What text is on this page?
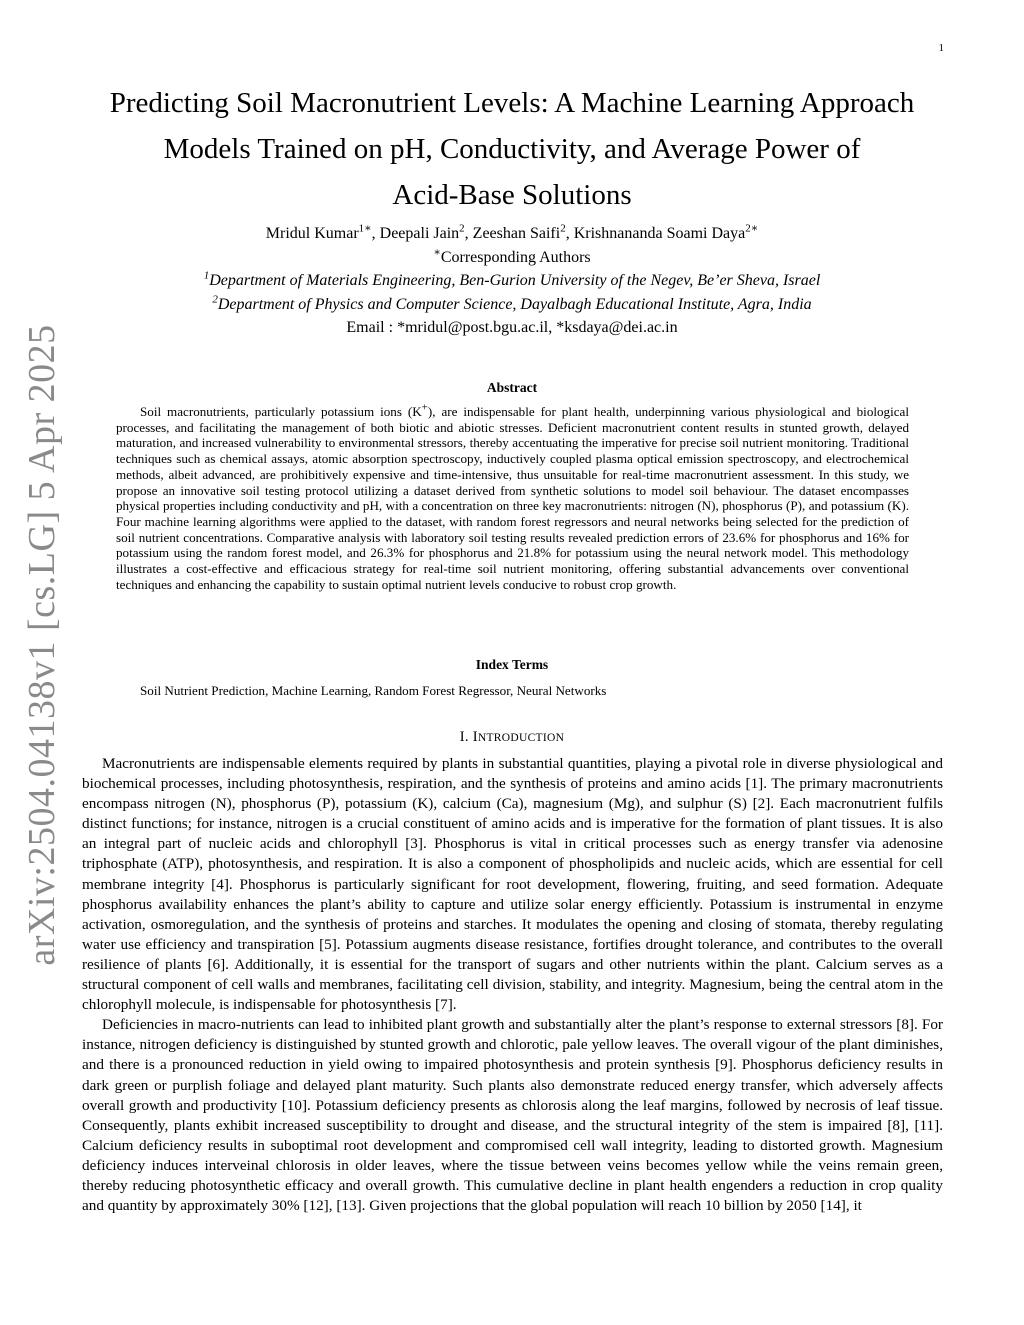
1
arXiv:2504.04138v1 [cs.LG] 5 Apr 2025
Predicting Soil Macronutrient Levels: A Machine Learning Approach
Models Trained on pH, Conductivity, and Average Power of
Acid-Base Solutions
Mridul Kumar$^{1∗}$, Deepali Jain$^2$, Zeeshan Saifi$^2$, Krishnananda Soami Daya$^{2∗}$
∗Corresponding Authors
$^1$Department of Materials Engineering, Ben-Gurion University of the Negev, Be’er Sheva, Israel
$^2$Department of Physics and Computer Science, Dayalbagh Educational Institute, Agra, India
Email : *mridul@post.bgu.ac.il, *ksdaya@dei.ac.in
Abstract

Soil macronutrients, particularly potassium ions (K+), are indispensable for plant health, underpinning various physiological and biological processes, and facilitating the management of both biotic and abiotic stresses. Deficient macronutrient content results in stunted growth, delayed maturation, and increased vulnerability to environmental stressors, thereby accentuating the imperative for precise soil nutrient monitoring. Traditional techniques such as chemical assays, atomic absorption spectroscopy, inductively coupled plasma optical emission spectroscopy, and electrochemical methods, albeit advanced, are prohibitively expensive and time-intensive, thus unsuitable for real-time macronutrient assessment. In this study, we propose an innovative soil testing protocol utilizing a dataset derived from synthetic solutions to model soil behaviour. The dataset encompasses physical properties including conductivity and pH, with a concentration on three key macronutrients: nitrogen (N), phosphorus (P), and potassium (K). Four machine learning algorithms were applied to the dataset, with random forest regressors and neural networks being selected for the prediction of soil nutrient concentrations. Comparative analysis with laboratory soil testing results revealed prediction errors of 23.6% for phosphorus and 16% for potassium using the random forest model, and 26.3% for phosphorus and 21.8% for potassium using the neural network model. This methodology illustrates a cost-effective and efficacious strategy for real-time soil nutrient monitoring, offering substantial advancements over conventional techniques and enhancing the capability to sustain optimal nutrient levels conducive to robust crop growth.

Index Terms

Soil Nutrient Prediction, Machine Learning, Random Forest Regressor, Neural Networks

I. INTRODUCTION

Macronutrients are indispensable elements required by plants in substantial quantities, playing a pivotal role in diverse physiological and biochemical processes, including photosynthesis, respiration, and the synthesis of proteins and amino acids [1]. The primary macronutrients encompass nitrogen (N), phosphorus (P), potassium (K), calcium (Ca), magnesium (Mg), and sulphur (S) [2]. Each macronutrient fulfils distinct functions; for instance, nitrogen is a crucial constituent of amino acids and is imperative for the formation of plant tissues. It is also an integral part of nucleic acids and chlorophyll [3]. Phosphorus is vital in critical processes such as energy transfer via adenosine triphosphate (ATP), photosynthesis, and respiration. It is also a component of phospholipids and nucleic acids, which are essential for cell membrane integrity [4]. Phosphorus is particularly significant for root development, flowering, fruiting, and seed formation. Adequate phosphorus availability enhances the plant’s ability to capture and utilize solar energy efficiently. Potassium is instrumental in enzyme activation, osmoregulation, and the synthesis of proteins and starches. It modulates the opening and closing of stomata, thereby regulating water use efficiency and transpiration [5]. Potassium augments disease resistance, fortifies drought tolerance, and contributes to the overall resilience of plants [6]. Additionally, it is essential for the transport of sugars and other nutrients within the plant. Calcium serves as a structural component of cell walls and membranes, facilitating cell division, stability, and integrity. Magnesium, being the central atom in the chlorophyll molecule, is indispensable for photosynthesis [7].

Deficiencies in macro-nutrients can lead to inhibited plant growth and substantially alter the plant’s response to external stressors [8]. For instance, nitrogen deficiency is distinguished by stunted growth and chlorotic, pale yellow leaves. The overall vigour of the plant diminishes, and there is a pronounced reduction in yield owing to impaired photosynthesis and protein synthesis [9]. Phosphorus deficiency results in dark green or purplish foliage and delayed plant maturity. Such plants also demonstrate reduced energy transfer, which adversely affects overall growth and productivity [10]. Potassium deficiency presents as chlorosis along the leaf margins, followed by necrosis of leaf tissue. Consequently, plants exhibit increased susceptibility to drought and disease, and the structural integrity of the stem is impaired [8], [11]. Calcium deficiency results in suboptimal root development and compromised cell wall integrity, leading to distorted growth. Magnesium deficiency induces interveinal chlorosis in older leaves, where the tissue between veins becomes yellow while the veins remain green, thereby reducing photosynthetic efficacy and overall growth. This cumulative decline in plant health engenders a reduction in crop quality and quantity by approximately 30% [12], [13]. Given projections that the global population will reach 10 billion by 2050 [14], it
